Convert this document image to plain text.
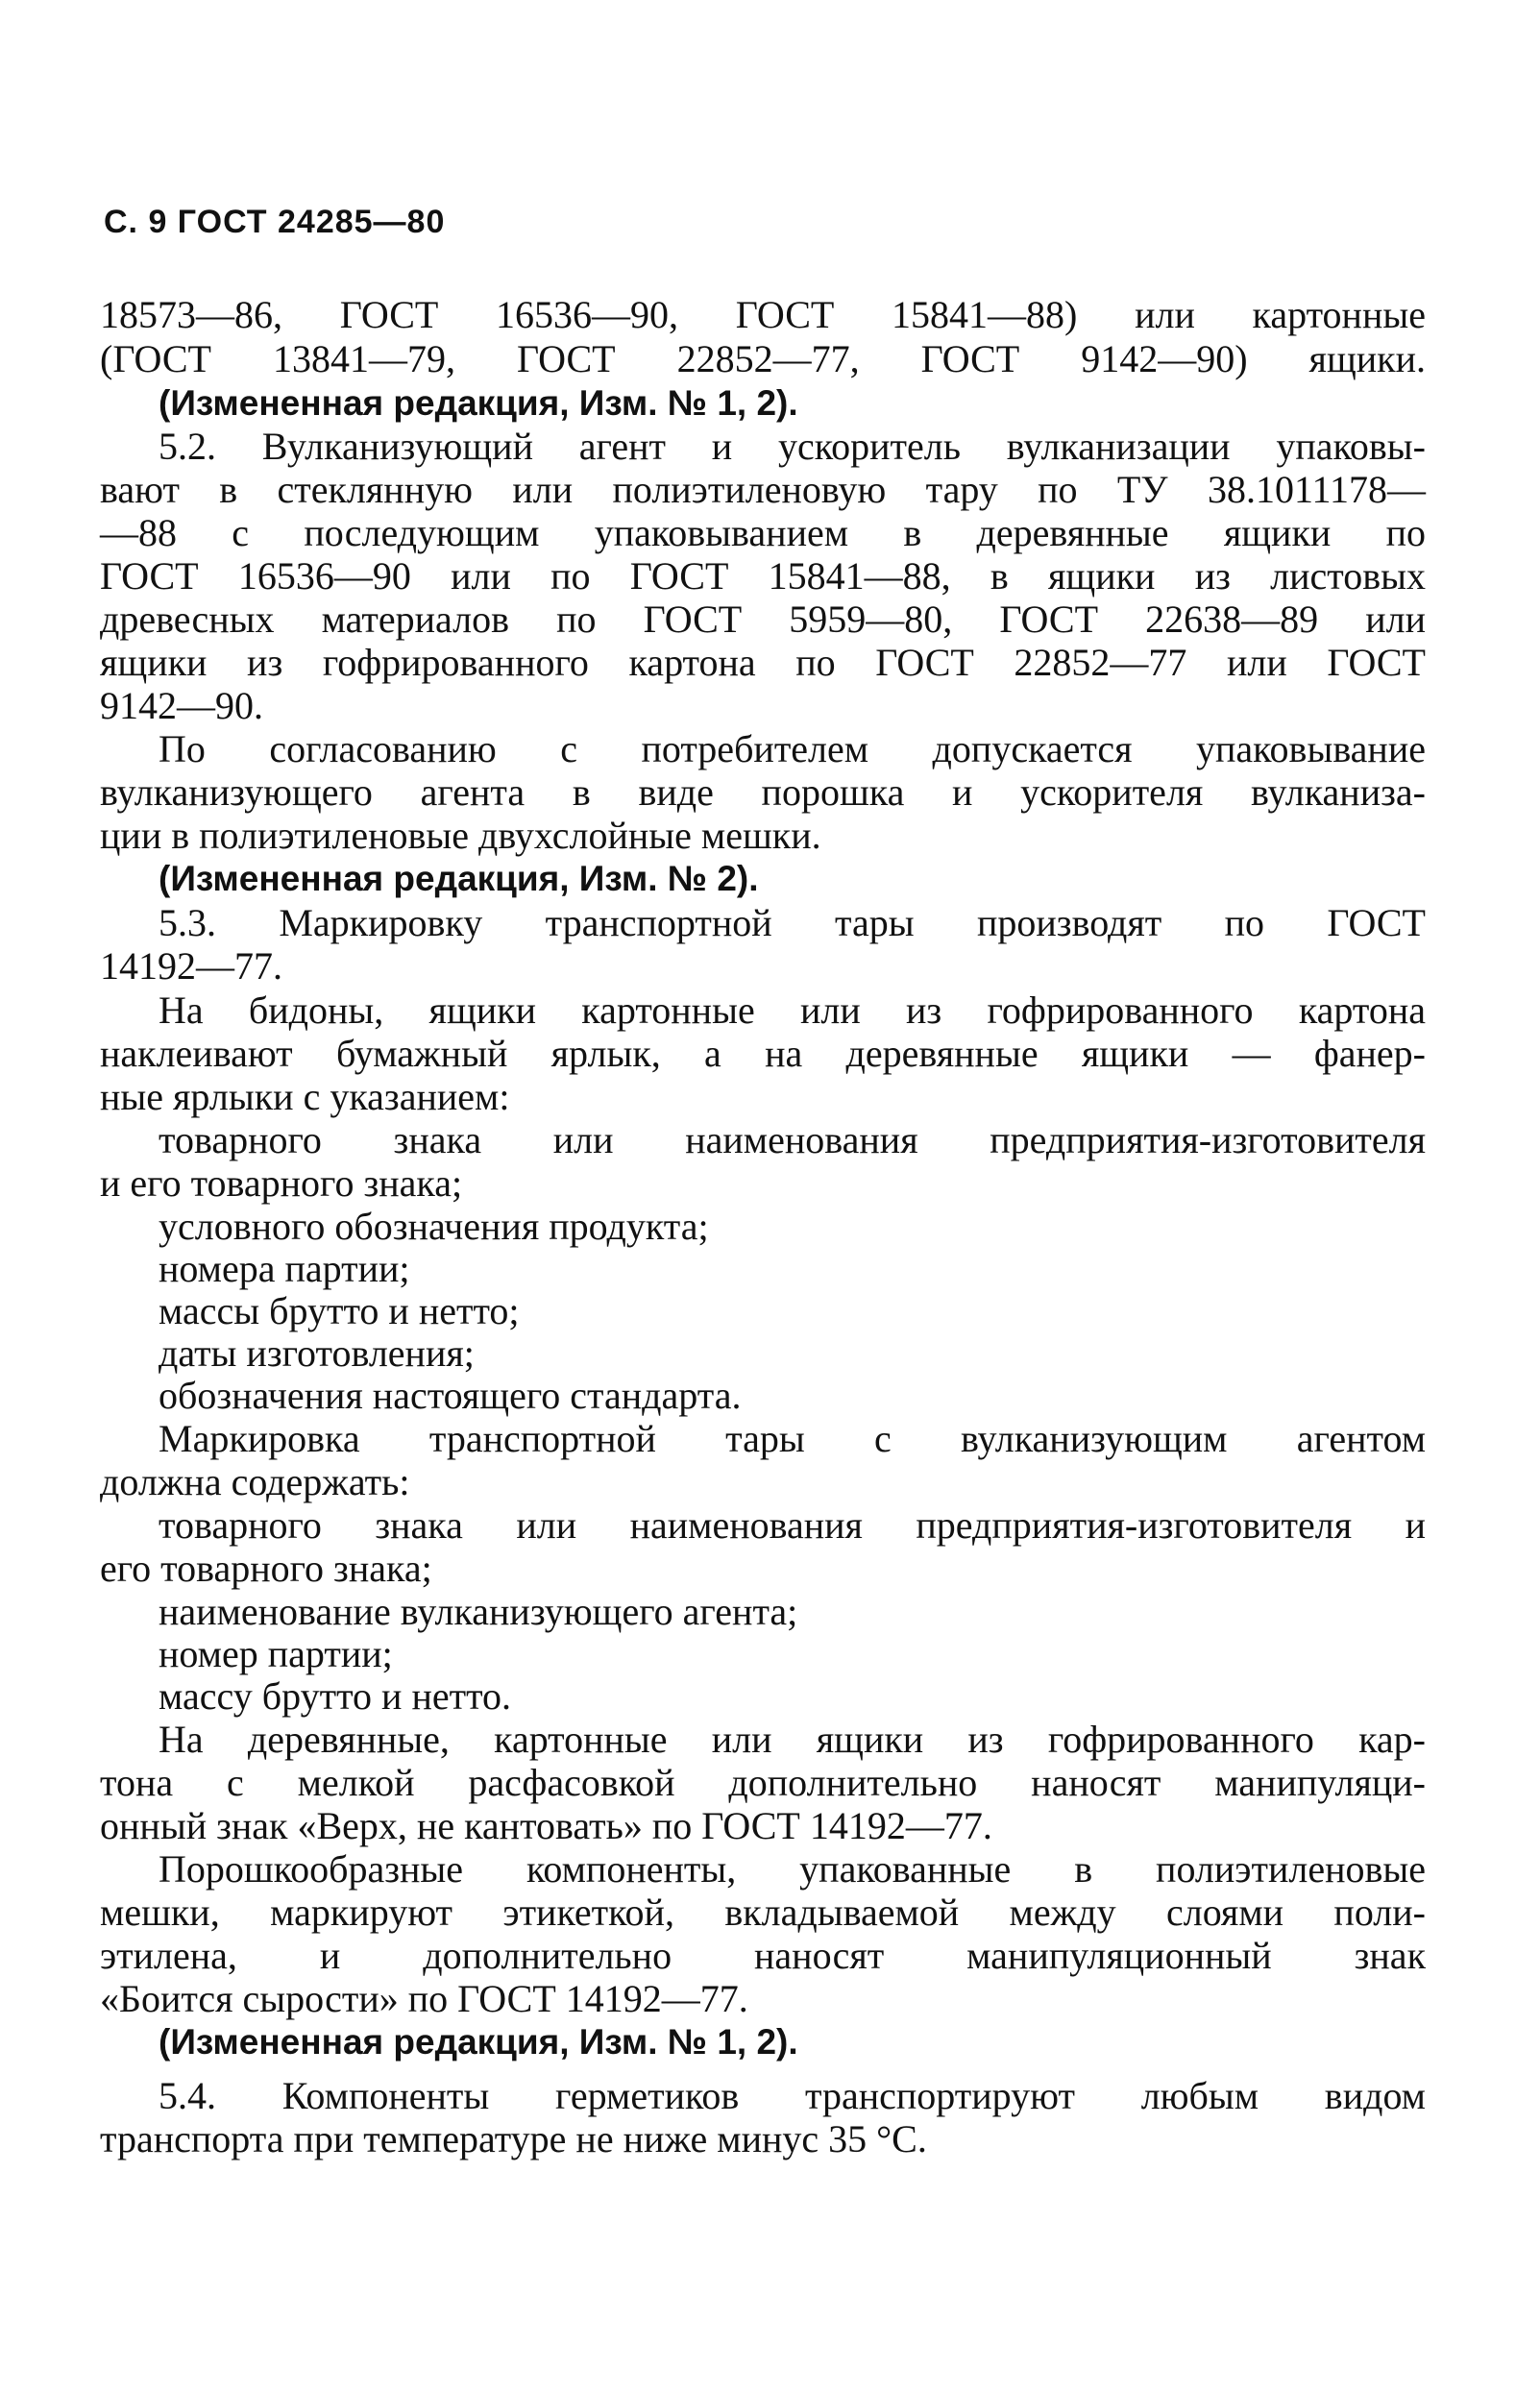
С. 9 ГОСТ 24285—80
18573—86, ГОСТ 16536—90, ГОСТ 15841—88) или картонные
(ГОСТ 13841—79, ГОСТ 22852—77, ГОСТ 9142—90) ящики.
(Измененная редакция, Изм. № 1, 2).
5.2. Вулканизующий агент и ускоритель вулканизации упаковы-
вают в стеклянную или полиэтиленовую тару по ТУ 38.1011178—
—88 с последующим упаковыванием в деревянные ящики по
ГОСТ 16536—90 или по ГОСТ 15841—88, в ящики из листовых
древесных материалов по ГОСТ 5959—80, ГОСТ 22638—89 или
ящики из гофрированного картона по ГОСТ 22852—77 или ГОСТ
9142—90.
По согласованию с потребителем допускается упаковывание
вулканизующего агента в виде порошка и ускорителя вулканиза-
ции в полиэтиленовые двухслойные мешки.
(Измененная редакция, Изм. № 2).
5.3. Маркировку транспортной тары производят по ГОСТ
14192—77.
На бидоны, ящики картонные или из гофрированного картона
наклеивают бумажный ярлык, а на деревянные ящики — фанер-
ные ярлыки с указанием:
товарного знака или наименования предприятия-изготовителя
и его товарного знака;
условного обозначения продукта;
номера партии;
массы брутто и нетто;
даты изготовления;
обозначения настоящего стандарта.
Маркировка транспортной тары с вулканизующим агентом
должна содержать:
товарного знака или наименования предприятия-изготовителя и
его товарного знака;
наименование вулканизующего агента;
номер партии;
массу брутто и нетто.
На деревянные, картонные или ящики из гофрированного кар-
тона с мелкой расфасовкой дополнительно наносят манипуляци-
онный знак «Верх, не кантовать» по ГОСТ 14192—77.
Порошкообразные компоненты, упакованные в полиэтиленовые
мешки, маркируют этикеткой, вкладываемой между слоями поли-
этилена, и дополнительно наносят манипуляционный знак
«Боится сырости» по ГОСТ 14192—77.
(Измененная редакция, Изм. № 1, 2).
5.4. Компоненты герметиков транспортируют любым видом
транспорта при температуре не ниже минус 35 °С.
